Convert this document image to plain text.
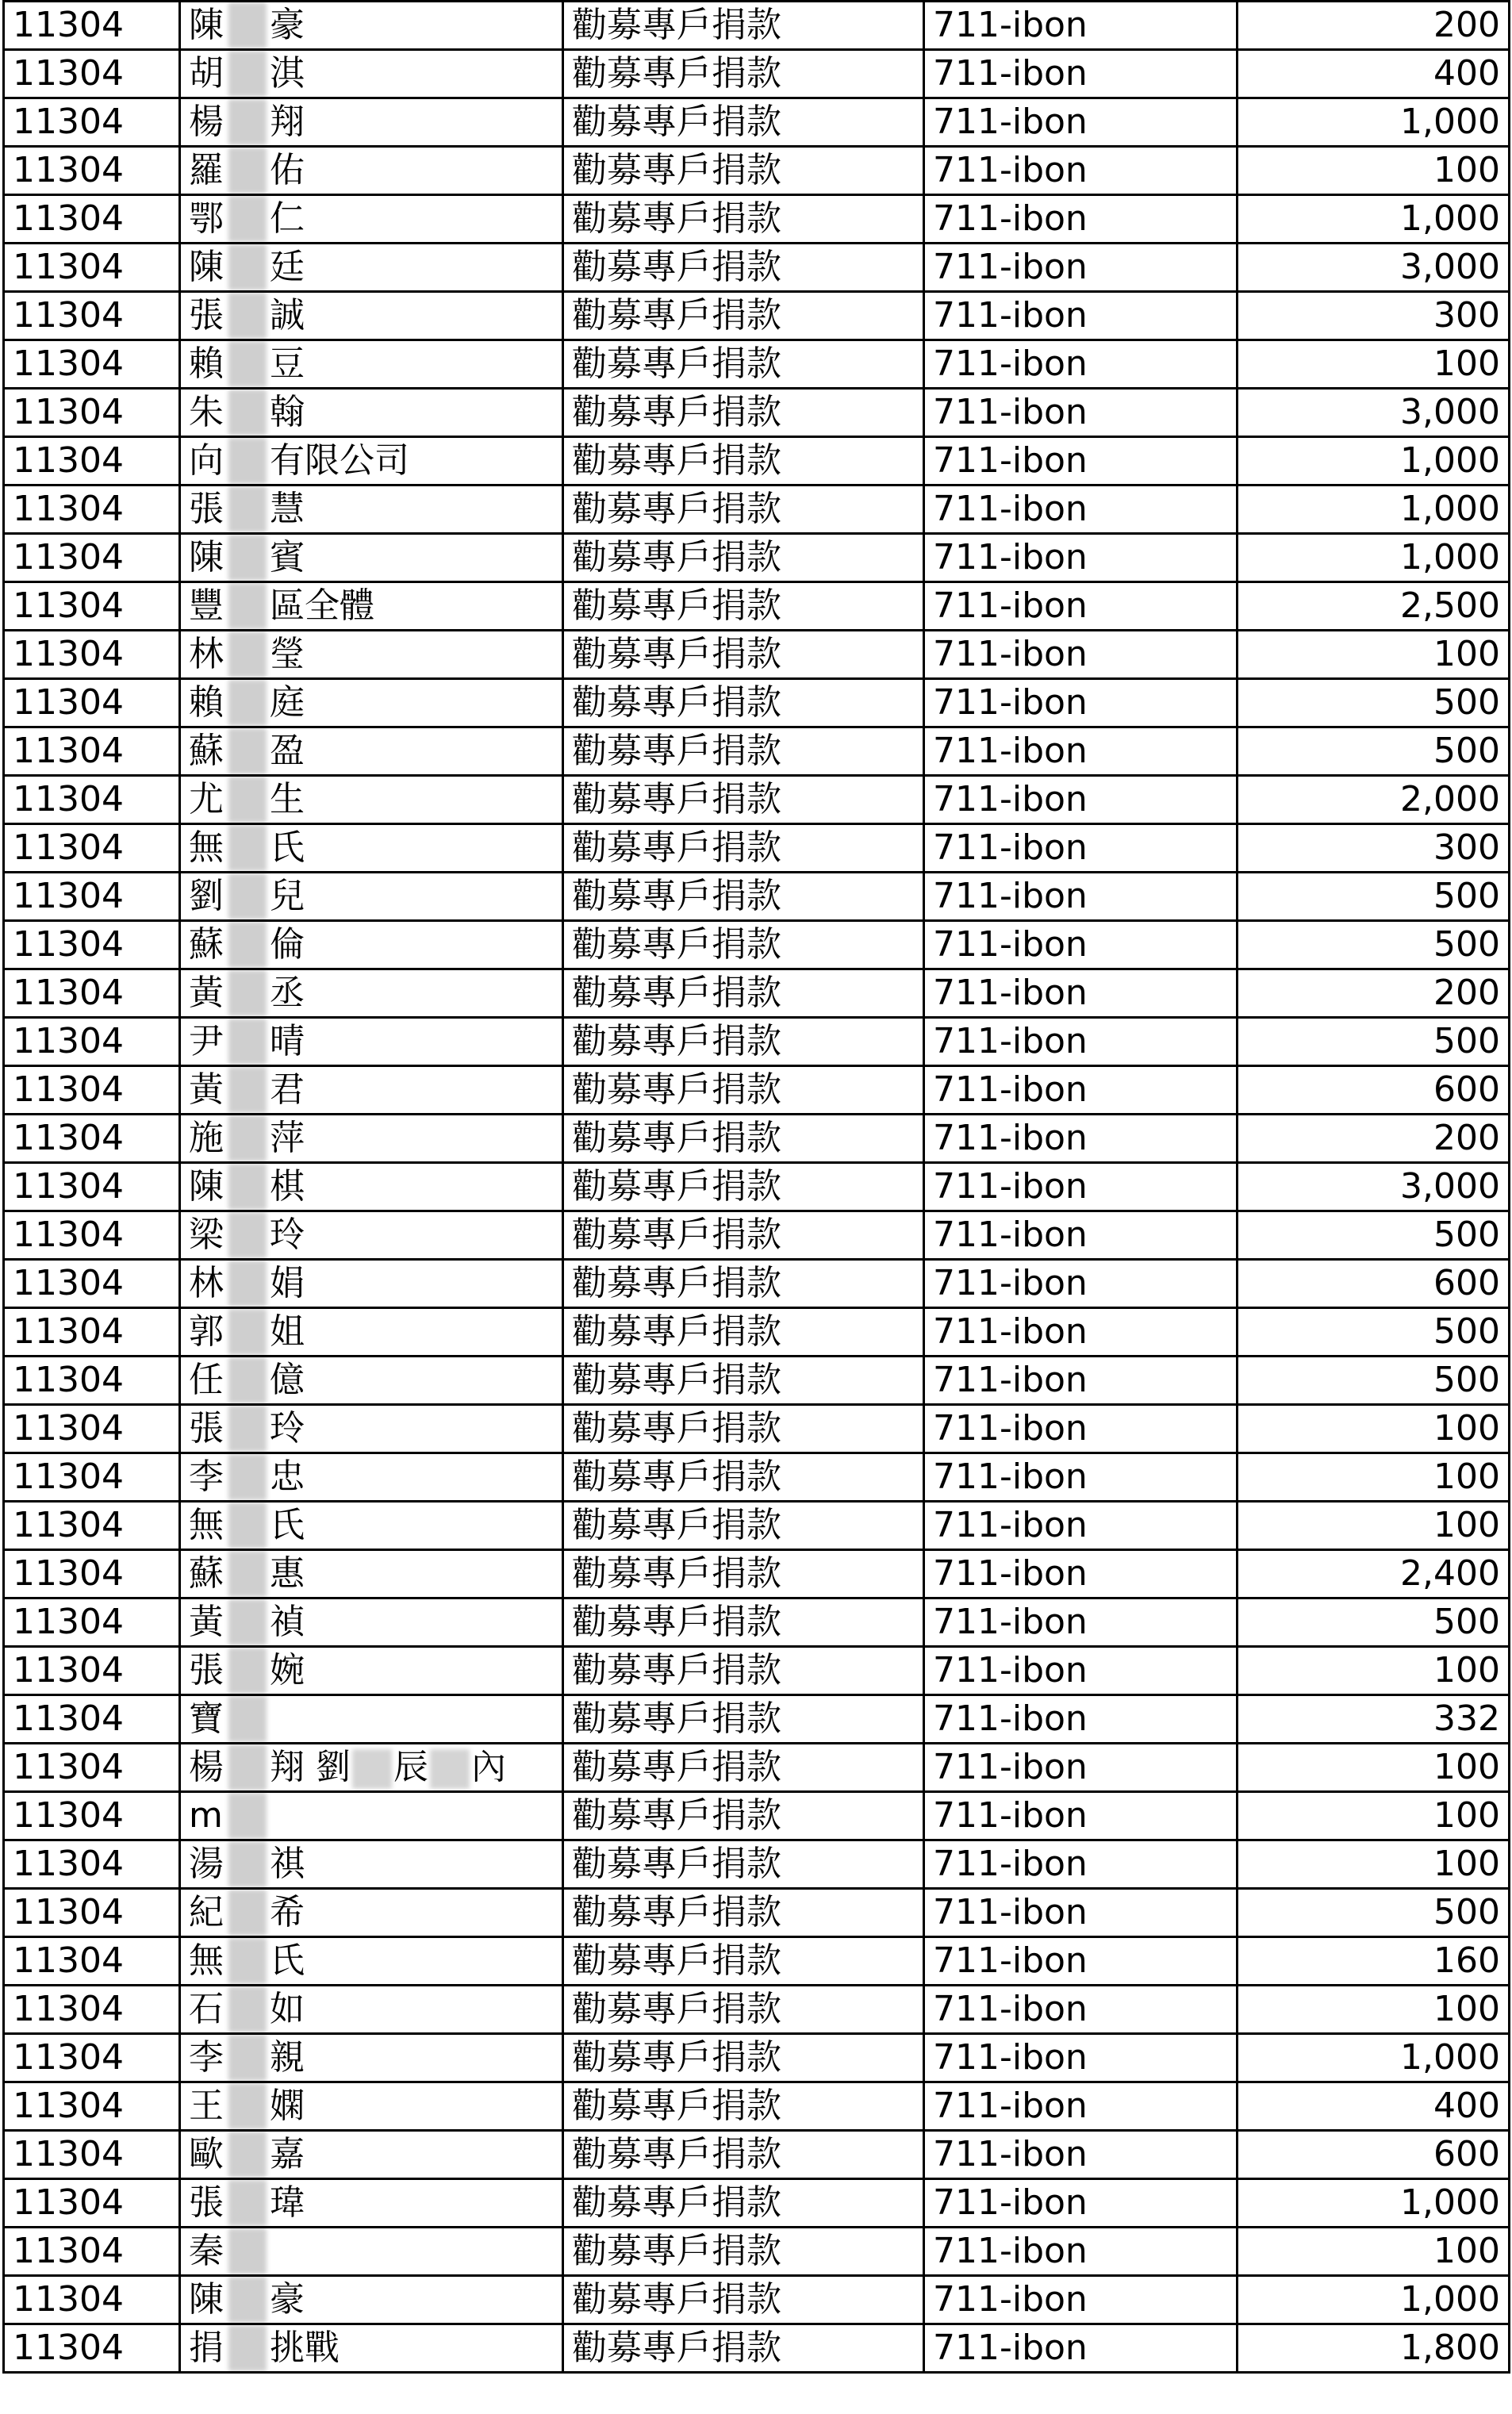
11304	陳 豪	勸募專戶捐款	711-ibon	200
11304	胡 淇	勸募專戶捐款	711-ibon	400
11304	楊 翔	勸募專戶捐款	711-ibon	1,000
11304	羅 佑	勸募專戶捐款	711-ibon	100
11304	鄂 仁	勸募專戶捐款	711-ibon	1,000
11304	陳 廷	勸募專戶捐款	711-ibon	3,000
11304	張 誠	勸募專戶捐款	711-ibon	300
11304	賴 豆	勸募專戶捐款	711-ibon	100
11304	朱 翰	勸募專戶捐款	711-ibon	3,000
11304	向 有限公司	勸募專戶捐款	711-ibon	1,000
11304	張 慧	勸募專戶捐款	711-ibon	1,000
11304	陳 賓	勸募專戶捐款	711-ibon	1,000
11304	豐 區全體	勸募專戶捐款	711-ibon	2,500
11304	林 瑩	勸募專戶捐款	711-ibon	100
11304	賴 庭	勸募專戶捐款	711-ibon	500
11304	蘇 盈	勸募專戶捐款	711-ibon	500
11304	尤 生	勸募專戶捐款	711-ibon	2,000
11304	無 氏	勸募專戶捐款	711-ibon	300
11304	劉 兒	勸募專戶捐款	711-ibon	500
11304	蘇 倫	勸募專戶捐款	711-ibon	500
11304	黃 丞	勸募專戶捐款	711-ibon	200
11304	尹 晴	勸募專戶捐款	711-ibon	500
11304	黃 君	勸募專戶捐款	711-ibon	600
11304	施 萍	勸募專戶捐款	711-ibon	200
11304	陳 棋	勸募專戶捐款	711-ibon	3,000
11304	梁 玲	勸募專戶捐款	711-ibon	500
11304	林 娟	勸募專戶捐款	711-ibon	600
11304	郭 姐	勸募專戶捐款	711-ibon	500
11304	任 億	勸募專戶捐款	711-ibon	500
11304	張 玲	勸募專戶捐款	711-ibon	100
11304	李 忠	勸募專戶捐款	711-ibon	100
11304	無 氏	勸募專戶捐款	711-ibon	100
11304	蘇 惠	勸募專戶捐款	711-ibon	2,400
11304	黃 禎	勸募專戶捐款	711-ibon	500
11304	張 婉	勸募專戶捐款	711-ibon	100
11304	寶	勸募專戶捐款	711-ibon	332
11304	楊 翔 劉 辰 內	勸募專戶捐款	711-ibon	100
11304	m	勸募專戶捐款	711-ibon	100
11304	湯 祺	勸募專戶捐款	711-ibon	100
11304	紀 希	勸募專戶捐款	711-ibon	500
11304	無 氏	勸募專戶捐款	711-ibon	160
11304	石 如	勸募專戶捐款	711-ibon	100
11304	李 親	勸募專戶捐款	711-ibon	1,000
11304	王 嫻	勸募專戶捐款	711-ibon	400
11304	歐 嘉	勸募專戶捐款	711-ibon	600
11304	張 瑋	勸募專戶捐款	711-ibon	1,000
11304	秦	勸募專戶捐款	711-ibon	100
11304	陳 豪	勸募專戶捐款	711-ibon	1,000
11304	捐 挑戰	勸募專戶捐款	711-ibon	1,800
